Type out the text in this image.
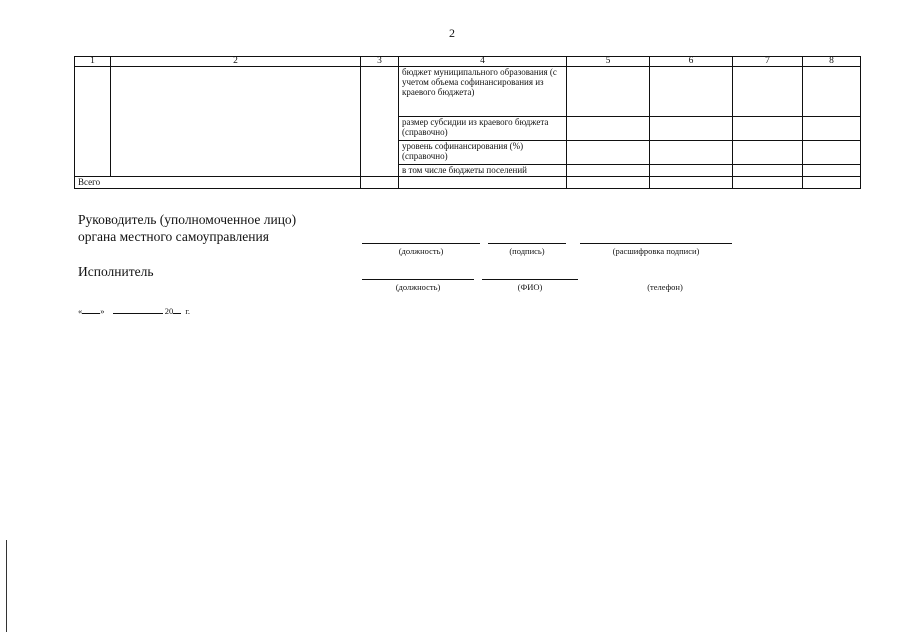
2
1	2	3	4	5	6	7	8
			бюджет муниципального образования (с учетом объема софинансирования из краевого бюджета)				
			размер субсидии из краевого бюджета (справочно)				
			уровень софинансирования (%) (справочно)				
			в том числе бюджеты поселений				
Всего							
Руководитель (уполномоченное лицо)
органа местного самоуправления
(должность)	(подпись)	(расшифровка подписи)
Исполнитель
(должность)	(ФИО)	(телефон)
« »	20 г.
